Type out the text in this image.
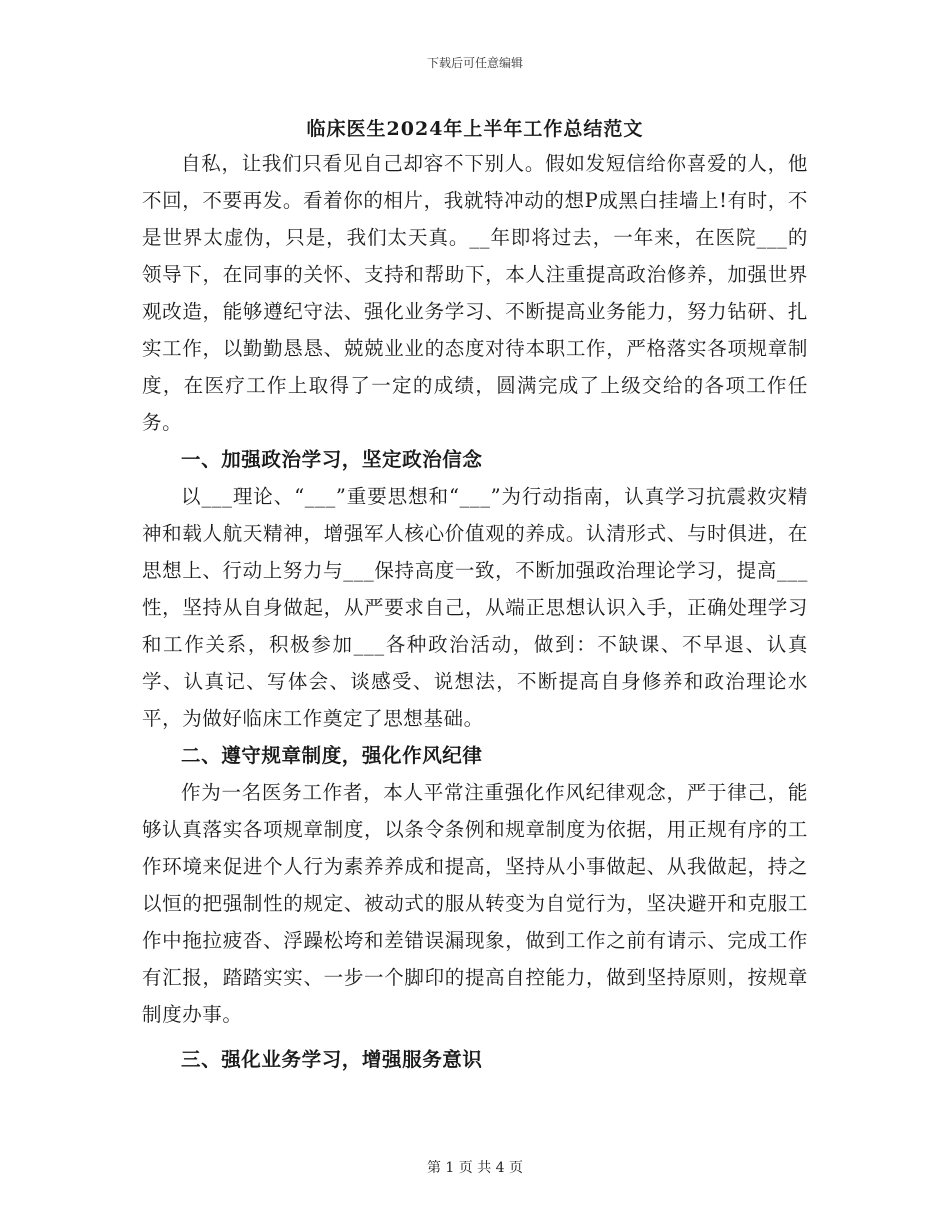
下载后可任意编辑
临床医生2024年上半年工作总结范文

自私，让我们只看见自己却容不下别人。假如发短信给你喜爱的人，他不回，不要再发。看着你的相片，我就特冲动的想P成黑白挂墙上!有时，不是世界太虚伪，只是，我们太天真。__年即将过去，一年来，在医院___的领导下，在同事的关怀、支持和帮助下，本人注重提高政治修养，加强世界观改造，能够遵纪守法、强化业务学习、不断提高业务能力，努力钻研、扎实工作，以勤勤恳恳、兢兢业业的态度对待本职工作，严格落实各项规章制度，在医疗工作上取得了一定的成绩，圆满完成了上级交给的各项工作任务。

一、加强政治学习，坚定政治信念

以___理论、“___”重要思想和“___”为行动指南，认真学习抗震救灾精神和载人航天精神，增强军人核心价值观的养成。认清形式、与时俱进，在思想上、行动上努力与___保持高度一致，不断加强政治理论学习，提高___性，坚持从自身做起，从严要求自己，从端正思想认识入手，正确处理学习和工作关系，积极参加___各种政治活动，做到：不缺课、不早退、认真学、认真记、写体会、谈感受、说想法，不断提高自身修养和政治理论水平，为做好临床工作奠定了思想基础。

二、遵守规章制度，强化作风纪律

作为一名医务工作者，本人平常注重强化作风纪律观念，严于律己，能够认真落实各项规章制度，以条令条例和规章制度为依据，用正规有序的工作环境来促进个人行为素养养成和提高，坚持从小事做起、从我做起，持之以恒的把强制性的规定、被动式的服从转变为自觉行为，坚决避开和克服工作中拖拉疲沓、浮躁松垮和差错误漏现象，做到工作之前有请示、完成工作有汇报，踏踏实实、一步一个脚印的提高自控能力，做到坚持原则，按规章制度办事。

三、强化业务学习，增强服务意识

第 1 页 共 4 页
